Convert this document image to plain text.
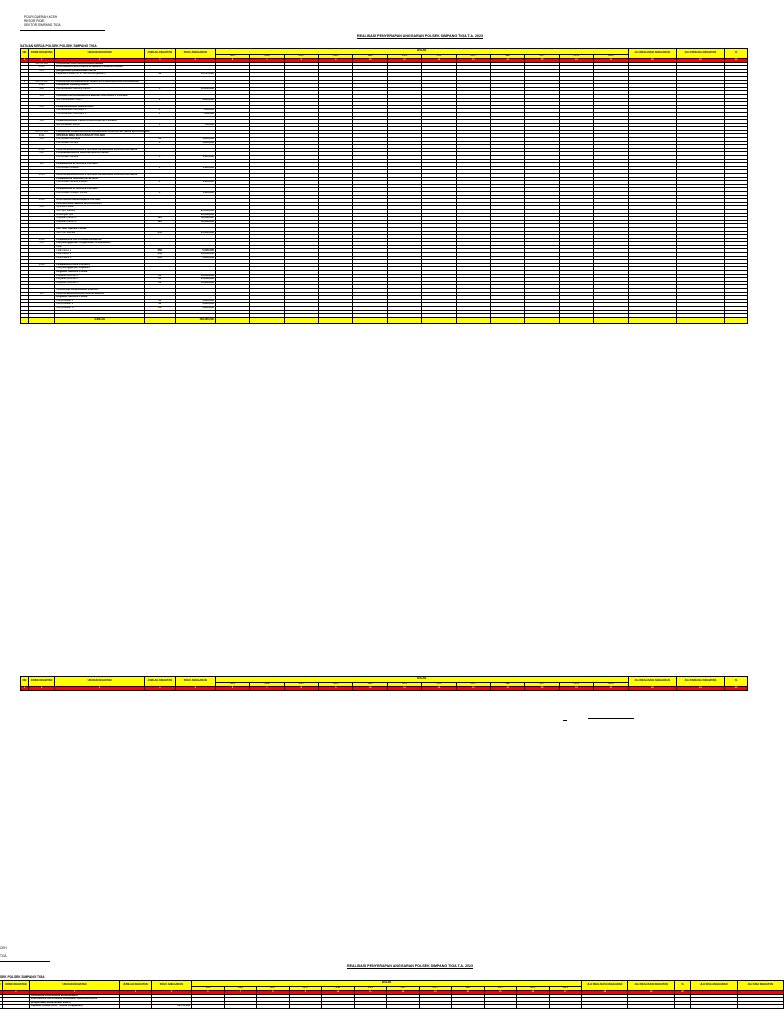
POLRI DAERAH ACEH
RESOR PIDIE
SEKTOR SIMPANG TIGA
REALISASI PENYERAPAN ANGGARAN POLSEK SIMPANG TIGA T.A. 2023
SATUAN KERJA POLSEK POLSEK SIMPANG TIGA
NO	KODE KEGIATAN	URAIAN KEGIATAN	JUMLAH KEGIATAN	PAGU ANGGARAN	BULAN												JLH REALISASI ANGGARAN	JLH FISIK/JLH KEGIATAN	%
					JAN	FEB	MRT	APR	MEI	JUN	JUL	AGT	SEP	OKT	NOV	DES			
1	2	3	4	5	6	7	8	9	10	11	12	13	14	15	16	17	18	19	20
	060.01.WA	PROGRAM DUKUNGAN MANAJEMEN																	
	6613	DUKUNGAN PELAYANAN INTERNAL PERKANTORAN																	
	001	pengelolaan pelaksanaan kantor																	
		Layanan Polsek (STK: Terima Pengaduan)	12	13,715,000															

II	060.01.WP	PROGRAM MODERNISASI ALMATSUS SARANA DAN PRASARANA																	
	3130	Pelayanan Gedung Kantor																	
	206	Pemeliharaan Gedung Kantor	1	15,000,000															

	101	PERAWATAN KENDARAAN BERMOTOR RODA 2 POLSEK																	
		Har Kendaraan roda 2	2	3,000,000															

	001	PEMELIHARAAN INVENTARIS																	
		Pemeliharaan Inventaris 1	1	600,000															
		Pemeliharaan Inventaris 2	1	600,000															

	101	PEMELIHARAAN PERALATAN KANTOR POLSEK																	
		Har peralatan kantor	1	700,000															

III	060.01.WM	PROGRAM PEMELIHARAAN KEAMANAN DAN KETERTIBAN MASYARAKAT																	
	3131	OPERASI BINA MASYARAKAT POLSEK																	
	001	Pembinaan keluarga	20	1,000,000															
		Pembinaan remaja	1	1,000,000															

	3133	PENYELENGGARAAN STRATEGI KEAMANAN DAN KETERTIBAN																	
	002	PENGEMBANGAN SARANA BINTALUMAN																	
		Pembinaan sarana	1	1,110,000															

	112	PEMBINAAN INTELIJEN POLSEK																	
		Pembinaan intelijen	1	1,110,000															

	3135	PENYELENGGARAAN STRATEGI KEAMANAN DAN KETERTIBAN																	
		PEMBINAAN SARANA INTELIJEN																	
		Pembinaan sarana intelijen	1	1,110,000															

		PEMBINAAN INTELIJEN POLSEK																	
		Pembinaan intelijen polsek	1	1,110,000															

	3136	DUKUNGAN MANAJEMEN POLSEK																	
		LKK SATKAMTIBMAS MASYARAKAT																	
	005	Operasi Polsek																	
		Gun ops sabara		20,000,000															
		Dukungan ops		20,000,000															
		Kegiatan patroli 1	120	18,000,000															
		Kegiatan patroli 2	120	18,000,000															

		LLP Non Operasi Polsek																	
		LLP non operasi	250	25,000,000															

	3138	PEMBINAAN PELAYANAN RESERSE																	
	001	Penyelenggaraan Pengelolaan Penyelidikan																	
		Lidik																	
		Lidik kasus 1	250	5,000,000															
		Lidik kasus 2	250	10,000,000															
		Lidik kasus 3	250	5,000,000															

	3139	PEMBERDAYAAN POLMAS																	
		Penyelenggaraan Kegiatan																	
		Kegiatan Sabhara Polsek																	
		Kegiatan polmas 1	20	10,000,000															
		Kegiatan polmas 2	20	10,000,000															
		Kegiatan polmas 3	20	10,000,000															

		PROGRAM PENEGAKAN HUKUM																	
	110	PENYELENGGARAAN PENYELIDIKAN																	
		Kegiatan Sabhara Polsek																	
		Penyelidikan 1	30	1,000,000															
		Penyelidikan 2	30	1,000,000															
		Penyelidikan 3	30	1,000,000															

		JUMLAH		196,395,000															
NO	KODE KEGIATAN	URAIAN KEGIATAN	JUMLAH KEGIATAN	PAGU ANGGARAN	BULAN												JLH REALISASI ANGGARAN	JLH FISIK/JLH KEGIATAN	%
					JAN	FEB	MRT	APR	MEI	JUN	JUL	AGT	SEP	OKT	NOV	DES			
1	2	3	4	5	6	7	8	9	10	11	12	13	14	15	16	17	18	19	20
CEH
TGA
REALISASI PENYERAPAN ANGGARAN POLSEK SIMPANG TIGA T.A. 2023
SEK POLSEK SIMPANG TIGA
	KODE KEGIATAN	URAIAN KEGIATAN	JUMLAH KEGIATAN	PAGU ANGGARAN	BULAN												JLH REALISASI ANGGARAN	JLH REALISASI KEGIATAN	%	JLH SISA ANGGARAN	JLH SISA KEGIATAN
					JAN	FEB	MRT	APR	MEI	JUN	JUL	AGT	SEP	OKT	NOV	DES					
	2	3	4	5	6	7	8	9	10	11	12	13	14	15	16	17	18	19	20		
		PROGRAM DUKUNGAN MANAJEMEN																			
		DUKUNGAN PELAYANAN INTERNAL PERKANTORAN																			
		pengelolaan pelaksanaan kantor																			
		Layanan Polsek (STK: Terima Pengaduan)		13,715,000																	
